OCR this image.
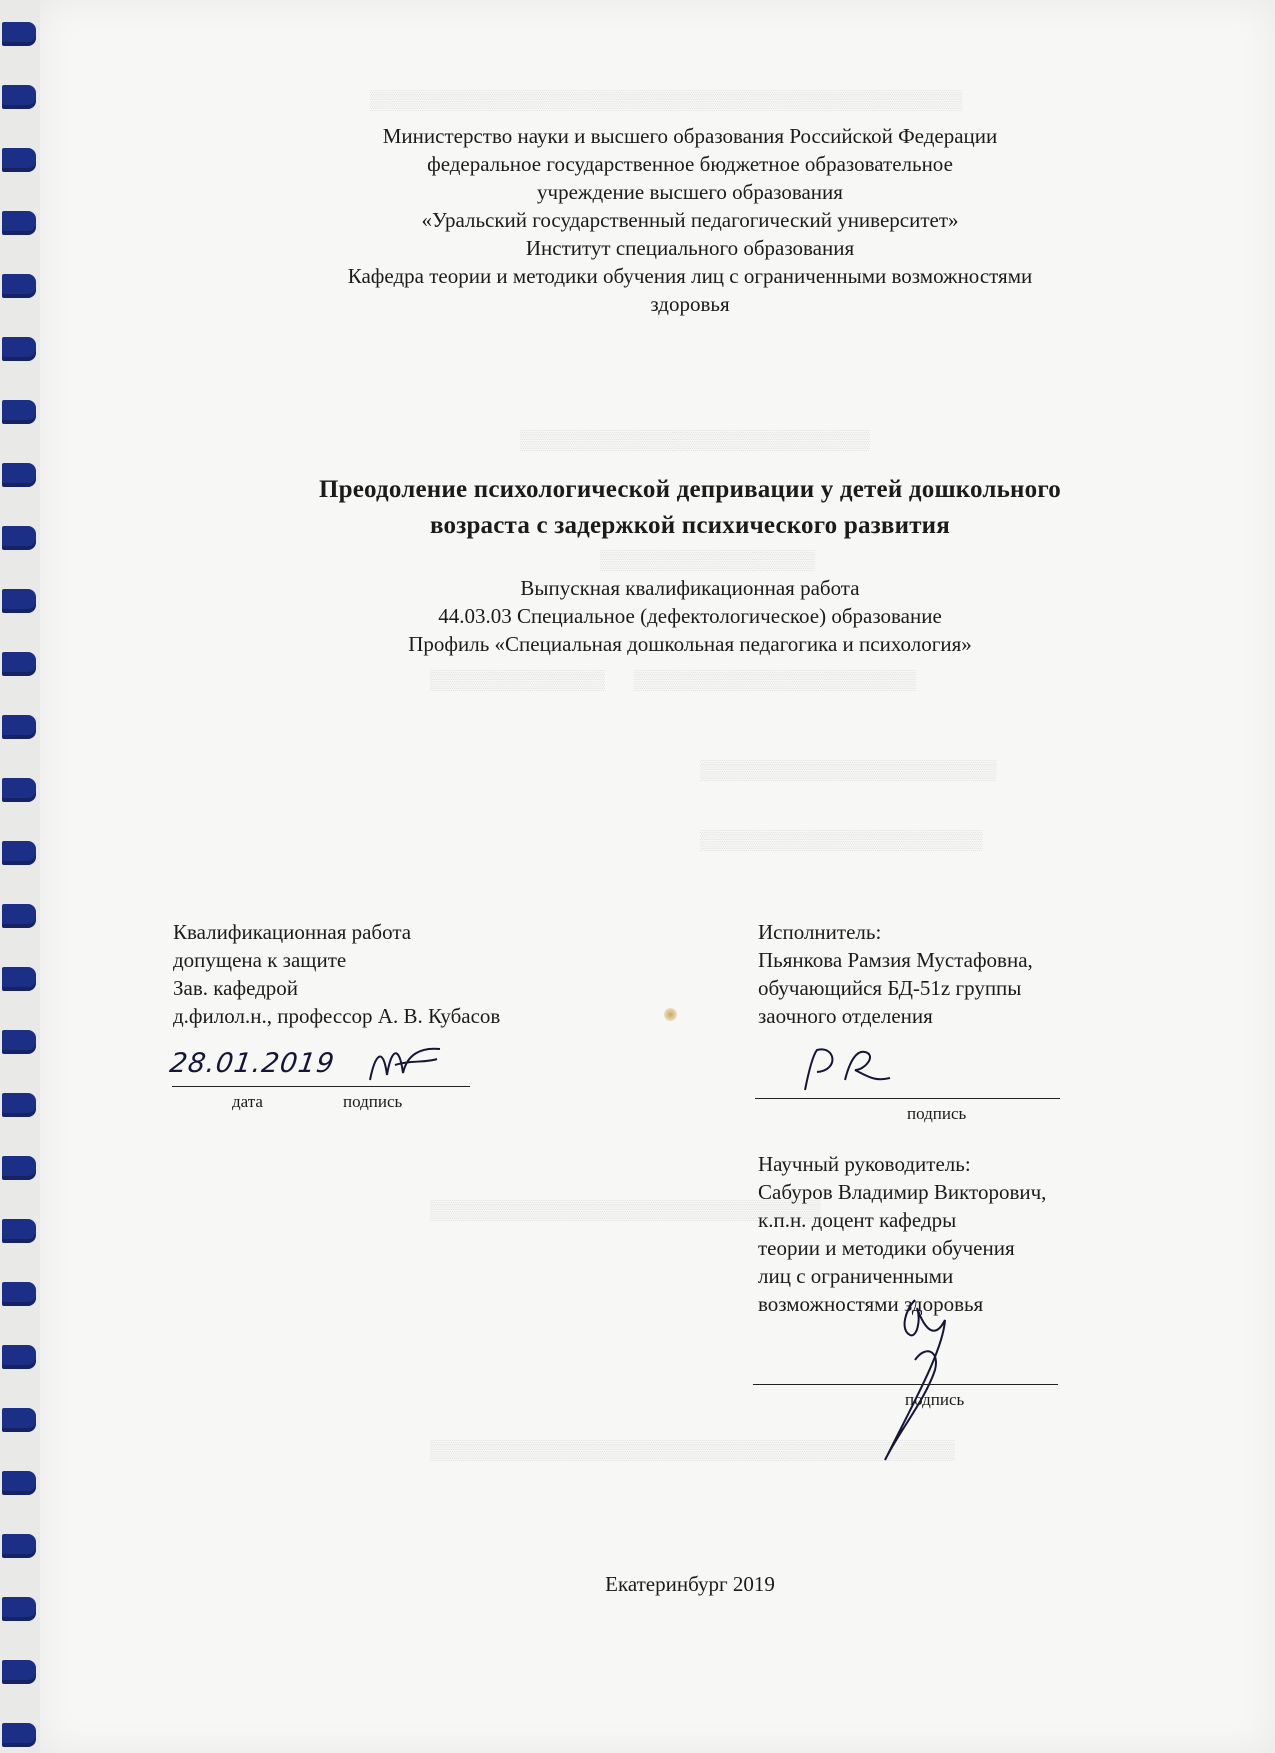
▒▒▒▒▒▒▒▒▒▒▒▒▒▒▒▒▒▒▒▒▒▒▒▒▒▒▒▒▒▒▒▒▒▒▒▒▒▒▒▒▒▒▒▒
▒▒▒▒▒▒▒▒▒▒▒▒▒▒▒▒▒▒▒▒▒▒▒▒▒▒
▒▒▒▒▒▒▒▒▒▒▒▒▒▒▒▒
▒▒▒▒▒▒▒▒▒▒▒▒▒      ▒▒▒▒▒▒▒▒▒▒▒▒▒▒▒▒▒▒▒▒▒
▒▒▒▒▒▒▒▒▒▒▒▒▒▒▒▒▒▒▒▒▒▒
▒▒▒▒▒▒▒▒▒▒▒▒▒▒▒▒▒▒▒▒▒
▒▒▒▒▒▒▒▒▒▒▒▒▒▒▒▒▒▒▒▒▒▒▒▒▒▒▒▒▒
▒▒▒▒▒▒▒▒▒▒▒▒▒▒▒▒▒▒▒▒▒▒▒▒▒▒▒▒▒▒▒▒▒▒▒▒▒▒▒
Министерство науки и высшего образования Российской Федерации
федеральное государственное бюджетное образовательное
учреждение высшего образования
«Уральский государственный педагогический университет»
Институт специального образования
Кафедра теории и методики обучения лиц с ограниченными возможностями
здоровья
Преодоление психологической депривации у детей дошкольного
возраста с задержкой психического развития
Выпускная квалификационная работа
44.03.03 Специальное (дефектологическое) образование
Профиль «Специальная дошкольная педагогика и психология»
Квалификационная работа
допущена к защите
Зав. кафедрой
д.филол.н., профессор А. В. Кубасов
28.01.2019
дата	подпись
Исполнитель:
Пьянкова Рамзия Мустафовна,
обучающийся БД-51z группы
заочного отделения
подпись
Научный руководитель:
Сабуров Владимир Викторович,
к.п.н. доцент кафедры
теории и методики обучения
лиц с ограниченными
возможностями здоровья
подпись
Екатеринбург 2019
